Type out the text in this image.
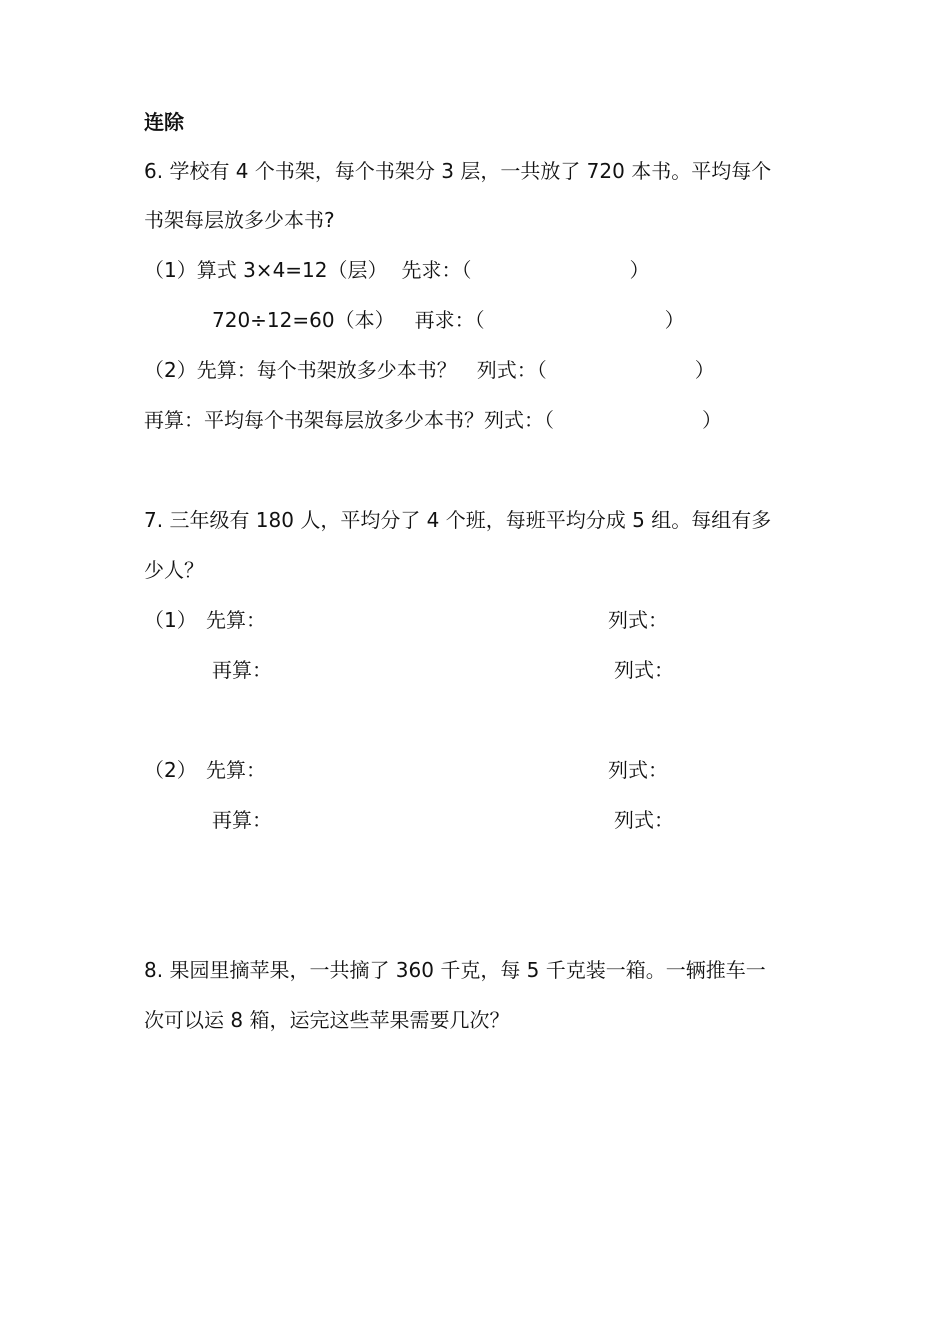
连除
6. 学校有 4 个书架，每个书架分 3 层，一共放了 720 本书。平均每个
书架每层放多少本书?
（1）算式 3×4=12（层） 先求：（	）
720÷12=60（本） 再求：（	）
（2）先算：每个书架放多少本书？ 列式：（	）
再算：平均每个书架每层放多少本书？列式：（	）
7. 三年级有 180 人，平均分了 4 个班，每班平均分成 5 组。每组有多
少人？
（1） 先算：	列式：
再算：	列式：
（2） 先算：	列式：
再算：	列式：
8. 果园里摘苹果，一共摘了 360 千克，每 5 千克装一箱。一辆推车一
次可以运 8 箱，运完这些苹果需要几次？
